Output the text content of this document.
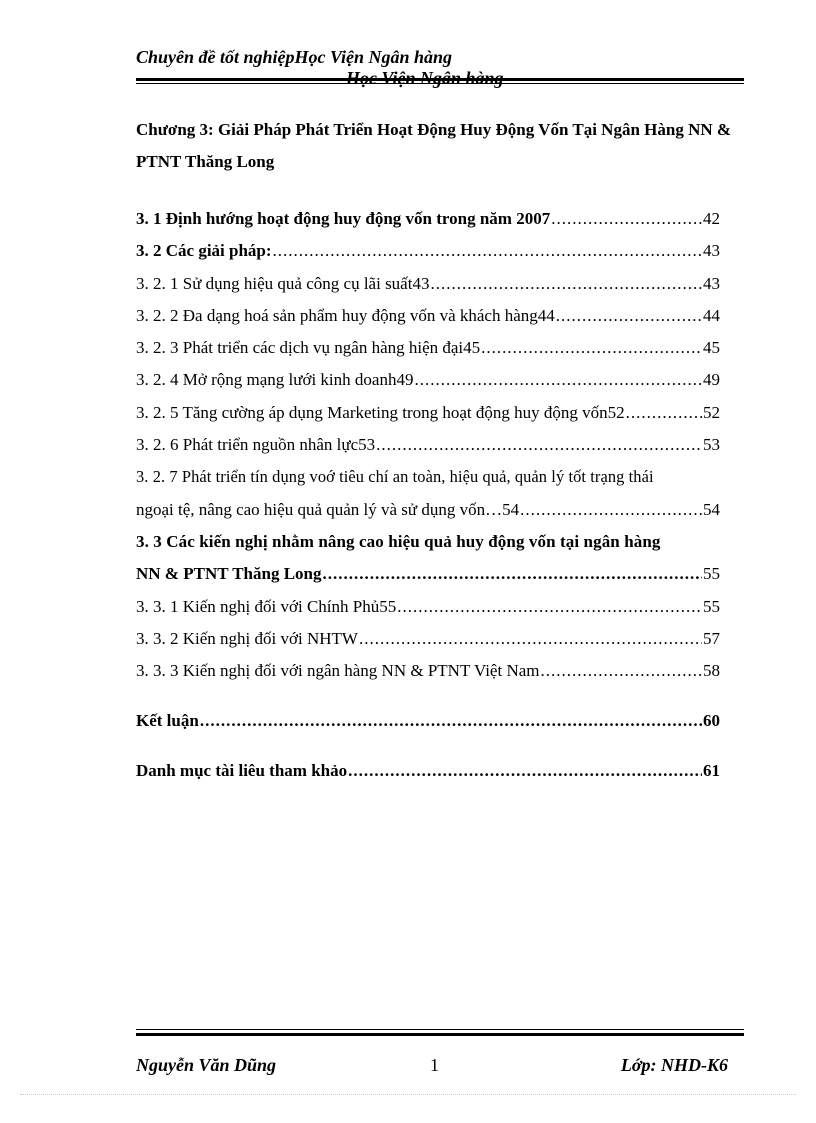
Chuyên đề tốt nghiệpHọc Viện Ngân hàng
Chương 3: Giải Pháp Phát Triển Hoạt Động Huy Động Vốn Tại Ngân Hàng NN & PTNT Thăng Long
3. 1 Định hướng hoạt động huy động vốn trong năm 2007 .....	42
3. 2 Các giải pháp: .....	43
3. 2. 1 Sử dụng hiệu quả công cụ lãi suất43 .....	43
3. 2. 2 Đa dạng hoá sản phẩm huy động vốn và khách hàng44 .....	44
3. 2. 3 Phát triển các dịch vụ ngân hàng hiện đại45 .....	45
3. 2. 4 Mở rộng mạng lưới kinh doanh49 .....	49
3. 2. 5 Tăng cường áp dụng Marketing trong hoạt động huy động vốn52 .....	52
3. 2. 6 Phát triển nguồn nhân lực53 .....	53
3. 2. 7 Phát triển tín dụng voớ tiêu chí an toàn, hiệu quả, quản lý tốt trạng thái
ngoại tệ, nâng cao hiệu quả quản lý và sử dụng vốn…54 .....	54
3. 3 Các kiến nghị nhằm nâng cao hiệu quả huy động vốn tại ngân hàng
NN & PTNT Thăng Long .....	55
3. 3. 1 Kiến nghị đối với Chính Phủ55 .....	55
3. 3. 2 Kiến nghị đối với NHTW .....	57
3. 3. 3 Kiến nghị đối với ngân hàng NN & PTNT Việt Nam .....	58
Kết luận .....	60
Danh mục tài liêu tham khảo .....	61
Nguyễn Văn Dũng	1	Lớp: NHD-K6
